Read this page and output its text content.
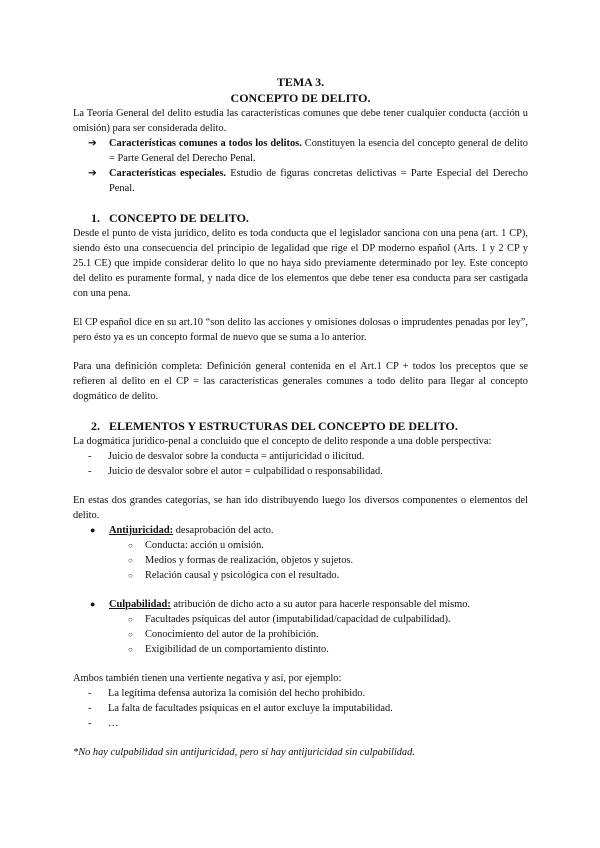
TEMA 3.
CONCEPTO DE DELITO.

La Teoría General del delito estudia las características comunes que debe tener cualquier conducta (acción u omisión) para ser considerada delito.

➔	Características comunes a todos los delitos. Constituyen la esencia del concepto general de delito = Parte General del Derecho Penal.
➔	Características especiales. Estudio de figuras concretas delictivas = Parte Especial del Derecho Penal.
1. CONCEPTO DE DELITO.

Desde el punto de vista jurídico, delito es toda conducta que el legislador sanciona con una pena (art. 1 CP), siendo ésto una consecuencia del principio de legalidad que rige el DP moderno español (Arts. 1 y 2 CP y 25.1 CE) que impide considerar delito lo que no haya sido previamente determinado por ley. Este concepto del delito es puramente formal, y nada dice de los elementos que debe tener esa conducta para ser castigada con una pena.

El CP español dice en su art.10 “son delito las acciones y omisiones dolosas o imprudentes penadas por ley”, pero ésto ya es un concepto formal de nuevo que se suma a lo anterior.

Para una definición completa: Definición general contenida en el Art.1 CP + todos los preceptos que se refieren al delito en el CP = las características generales comunes a todo delito para llegar al concepto dogmático de delito.

2. ELEMENTOS Y ESTRUCTURAS DEL CONCEPTO DE DELITO.

La dogmática jurídico-penal a concluido que el concepto de delito responde a una doble perspectiva:

-	Juicio de desvalor sobre la conducta = antijuricidad o ilicitud.
-	Juicio de desvalor sobre el autor = culpabilidad o responsabilidad.

En estas dos grandes categorías, se han ido distribuyendo luego los diversos componentes o elementos del delito.

●	Antijuricidad: desaprobación del acto.
○	Conducta: acción u omisión.
○	Medios y formas de realización, objetos y sujetos.
○	Relación causal y psicológica con el resultado.
●	Culpabilidad: atribución de dicho acto a su autor para hacerle responsable del mismo.
○	Facultades psíquicas del autor (imputabilidad/capacidad de culpabilidad).
○	Conocimiento del autor de la prohibición.
○	Exigibilidad de un comportamiento distinto.

Ambos también tienen una vertiente negativa y así, por ejemplo:

-	La legítima defensa autoriza la comisión del hecho prohibido.
-	La falta de facultades psíquicas en el autor excluye la imputabilidad.
-	…

*No hay culpabilidad sin antijuricidad, pero sí hay antijuricidad sin culpabilidad.
